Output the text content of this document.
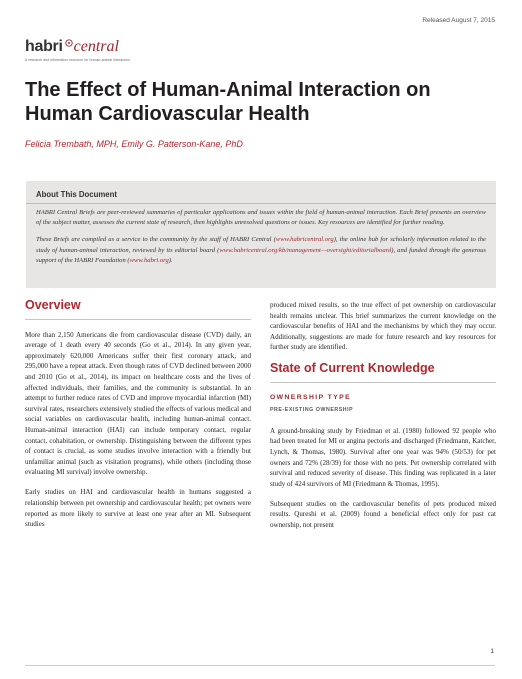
Released August 7, 2015
habri central
A research and information resource for human-animal interaction
The Effect of Human-Animal Interaction on Human Cardiovascular Health
Felicia Trembath, MPH, Emily G. Patterson-Kane, PhD
About This Document

HABRI Central Briefs are peer-reviewed summaries of particular applications and issues within the field of human-animal interaction. Each Brief presents an overview of the subject matter, assesses the current state of research, then highlights unresolved questions or issues. Key resources are identified for further reading.

These Briefs are compiled as a service to the community by the staff of HABRI Central (www.habricentral.org), the online hub for scholarly information related to the study of human-animal interaction, reviewed by its editorial board (www.habricentral.org/kb/management—oversight/editorialboard), and funded through the generous support of the HABRI Foundation (www.habri.org).

Overview

More than 2,150 Americans die from cardiovascular disease (CVD) daily, an average of 1 death every 40 seconds (Go et al., 2014). In any given year, approximately 620,000 Americans suffer their first coronary attack, and 295,000 have a repeat attack. Even though rates of CVD declined between 2000 and 2010 (Go et al., 2014), its impact on healthcare costs and the lives of affected individuals, their families, and the community is substantial. In an attempt to further reduce rates of CVD and improve myocardial infarction (MI) survival rates, researchers extensively studied the effects of various medical and social variables on cardiovascular health, including human-animal contact. Human-animal interaction (HAI) can include temporary contact, regular contact, cohabitation, or ownership. Distinguishing between the different types of contact is crucial, as some studies involve interaction with a friendly but unfamiliar animal (such as visitation programs), while others (including those evaluating MI survival) involve ownership.

Early studies on HAI and cardiovascular health in humans suggested a relationship between pet ownership and cardiovascular health; pet owners were reported as more likely to survive at least one year after an MI. Subsequent studies

produced mixed results, so the true effect of pet ownership on cardiovascular health remains unclear. This brief summarizes the current knowledge on the cardiovascular benefits of HAI and the mechanisms by which they may occur. Additionally, suggestions are made for future research and key resources for further study are identified.

State of Current Knowledge
OWNERSHIP TYPE
PRE-EXISTING OWNERSHIP

A ground-breaking study by Friedman et al. (1980) followed 92 people who had been treated for MI or angina pectoris and discharged (Friedmann, Katcher, Lynch, & Thomas, 1980). Survival after one year was 94% (50/53) for pet owners and 72% (28/39) for those with no pets. Pet ownership correlated with survival and reduced severity of disease. This finding was replicated in a later study of 424 survivors of MI (Friedmann & Thomas, 1995).

Subsequent studies on the cardiovascular benefits of pets produced mixed results. Qureshi et al. (2009) found a beneficial effect only for past cat ownership, not present

1
